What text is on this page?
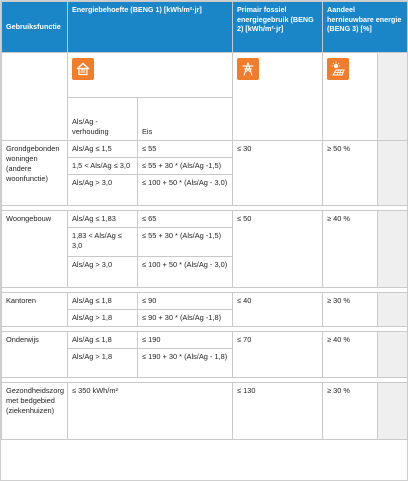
Gebruiksfunctie	Energiebehoefte (BENG 1) [kWh/m²·jr]		Primair fossiel energiegebruik (BENG 2) [kWh/m²·jr]	Aandeel hernieuwbare energie (BENG 3) [%]	

	Als/Ag - verhouding	Eis			
Grondgebonden woningen (andere woonfunctie)	Als/Ag ≤ 1,5	≤ 55	≤ 30	≥ 50 %	
	1,5 < Als/Ag ≤ 3,0	≤ 55 + 30 * (Als/Ag -1,5)			
	Als/Ag > 3,0	≤ 100 + 50 * (Als/Ag - 3,0)			

Woongebouw	Als/Ag ≤ 1,83	≤ 65	≤ 50	≥ 40 %	
	1,83 < Als/Ag ≤ 3,0	≤ 55 + 30 * (Als/Ag -1,5)			
	Als/Ag > 3,0	≤ 100 + 50 * (Als/Ag - 3,0)			

Kantoren	Als/Ag ≤ 1,8	≤ 90	≤ 40	≥ 30 %	
	Als/Ag > 1,8	≤ 90 + 30 * (Als/Ag -1,8)			

Onderwijs	Als/Ag ≤ 1,8	≤ 190	≤ 70	≥ 40 %	
	Als/Ag > 1,8	≤ 190 + 30 * (Als/Ag - 1,8)			

Gezondheidszorg met bedgebied (ziekenhuizen)	≤ 350 kWh/m²		≤ 130	≥ 30 %	
